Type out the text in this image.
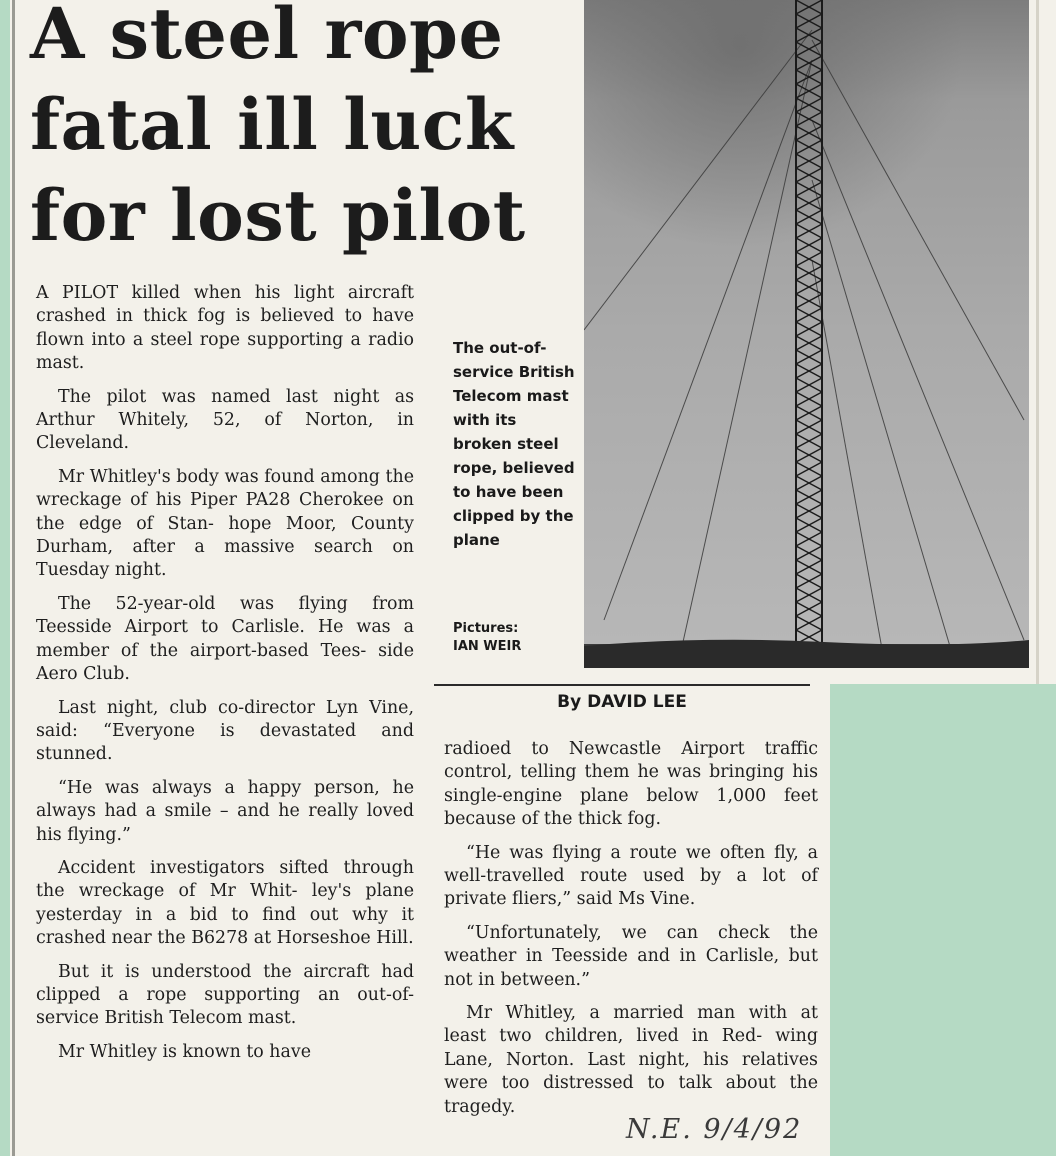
A steel rope
fatal ill luck
for lost pilot
The out-of- service British Telecom mast with its broken steel rope, believed to have been clipped by the plane
Pictures:
IAN WEIR

A PILOT killed when his light aircraft crashed in thick fog is believed to have flown into a steel rope supporting a radio mast.

The pilot was named last night as Arthur Whitely, 52, of Norton, in Cleveland.

Mr Whitley's body was found among the wreckage of his Piper PA28 Cherokee on the edge of Stan- hope Moor, County Durham, after a massive search on Tuesday night.

The 52-year-old was flying from Teesside Airport to Carlisle. He was a member of the airport-based Tees- side Aero Club.

Last night, club co-director Lyn Vine, said: “Everyone is devastated and stunned.

“He was always a happy person, he always had a smile – and he really loved his flying.”

Accident investigators sifted through the wreckage of Mr Whit- ley's plane yesterday in a bid to find out why it crashed near the B6278 at Horseshoe Hill.

But it is understood the aircraft had clipped a rope supporting an out-of-service British Telecom mast.

Mr Whitley is known to have

By DAVID LEE

radioed to Newcastle Airport traffic control, telling them he was bringing his single-engine plane below 1,000 feet because of the thick fog.

“He was flying a route we often fly, a well-travelled route used by a lot of private fliers,” said Ms Vine.

“Unfortunately, we can check the weather in Teesside and in Carlisle, but not in between.”

Mr Whitley, a married man with at least two children, lived in Red- wing Lane, Norton. Last night, his relatives were too distressed to talk about the tragedy.

N.E. 9/4/92
